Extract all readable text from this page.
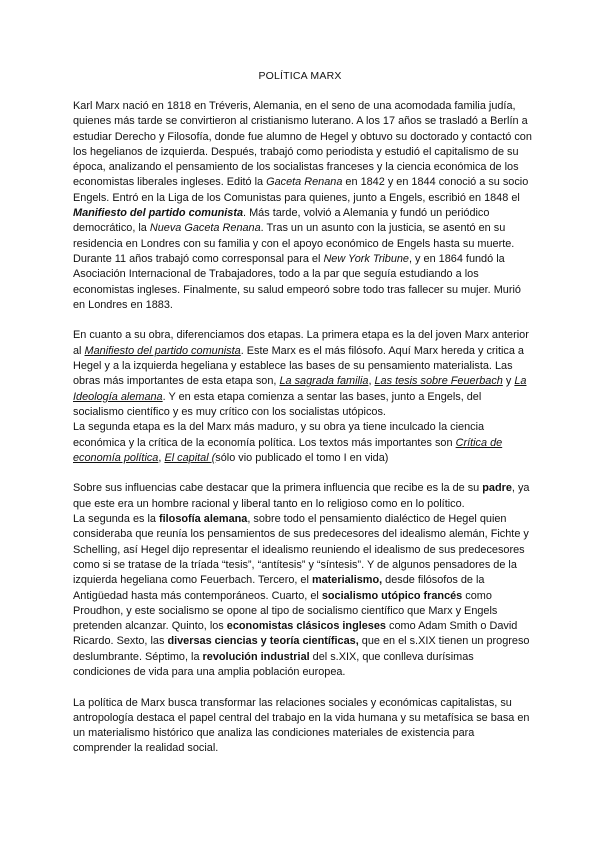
POLÍTICA MARX

Karl Marx nació en 1818 en Tréveris, Alemania, en el seno de una acomodada familia judía, quienes más tarde se convirtieron al cristianismo luterano. A los 17 años se trasladó a Berlín a estudiar Derecho y Filosofía, donde fue alumno de Hegel y obtuvo su doctorado y contactó con los hegelianos de izquierda. Después, trabajó como periodista y estudió el capitalismo de su época, analizando el pensamiento de los socialistas franceses y la ciencia económica de los economistas liberales ingleses. Editó la Gaceta Renana en 1842 y en 1844 conoció a su socio Engels. Entró en la Liga de los Comunistas para quienes, junto a Engels, escribió en 1848 el Manifiesto del partido comunista. Más tarde, volvió a Alemania y fundó un periódico democrático, la Nueva Gaceta Renana. Tras un un asunto con la justicia, se asentó en su residencia en Londres con su familia y con el apoyo económico de Engels hasta su muerte. Durante 11 años trabajó como corresponsal para el New York Tribune, y en 1864 fundó la Asociación Internacional de Trabajadores, todo a la par que seguía estudiando a los economistas ingleses. Finalmente, su salud empeoró sobre todo tras fallecer su mujer. Murió en Londres en 1883.

En cuanto a su obra, diferenciamos dos etapas. La primera etapa es la del joven Marx anterior al Manifiesto del partido comunista. Este Marx es el más filósofo. Aquí Marx hereda y critica a Hegel y a la izquierda hegeliana y establece las bases de su pensamiento materialista. Las obras más importantes de esta etapa son, La sagrada familia, Las tesis sobre Feuerbach y La Ideología alemana. Y en esta etapa comienza a sentar las bases, junto a Engels, del socialismo científico y es muy crítico con los socialistas utópicos.

La segunda etapa es la del Marx más maduro, y su obra ya tiene inculcado la ciencia económica y la crítica de la economía política. Los textos más importantes son Crítica de economía política, El capital (sólo vio publicado el tomo I en vida)

Sobre sus influencias cabe destacar que la primera influencia que recibe es la de su padre, ya que este era un hombre racional y liberal tanto en lo religioso como en lo político.

La segunda es la filosofía alemana, sobre todo el pensamiento dialéctico de Hegel quien consideraba que reunía los pensamientos de sus predecesores del idealismo alemán, Fichte y Schelling, así Hegel dijo representar el idealismo reuniendo el idealismo de sus predecesores como si se tratase de la tríada “tesis”, “antítesis” y “síntesis”. Y de algunos pensadores de la izquierda hegeliana como Feuerbach. Tercero, el materialismo, desde filósofos de la Antigüedad hasta más contemporáneos. Cuarto, el socialismo utópico francés como Proudhon, y este socialismo se opone al tipo de socialismo científico que Marx y Engels pretenden alcanzar. Quinto, los economistas clásicos ingleses como Adam Smith o David Ricardo. Sexto, las diversas ciencias y teoría científicas, que en el s.XIX tienen un progreso deslumbrante. Séptimo, la revolución industrial del s.XIX, que conlleva durísimas condiciones de vida para una amplia población europea.

La política de Marx busca transformar las relaciones sociales y económicas capitalistas, su antropología destaca el papel central del trabajo en la vida humana y su metafísica se basa en un materialismo histórico que analiza las condiciones materiales de existencia para comprender la realidad social.
